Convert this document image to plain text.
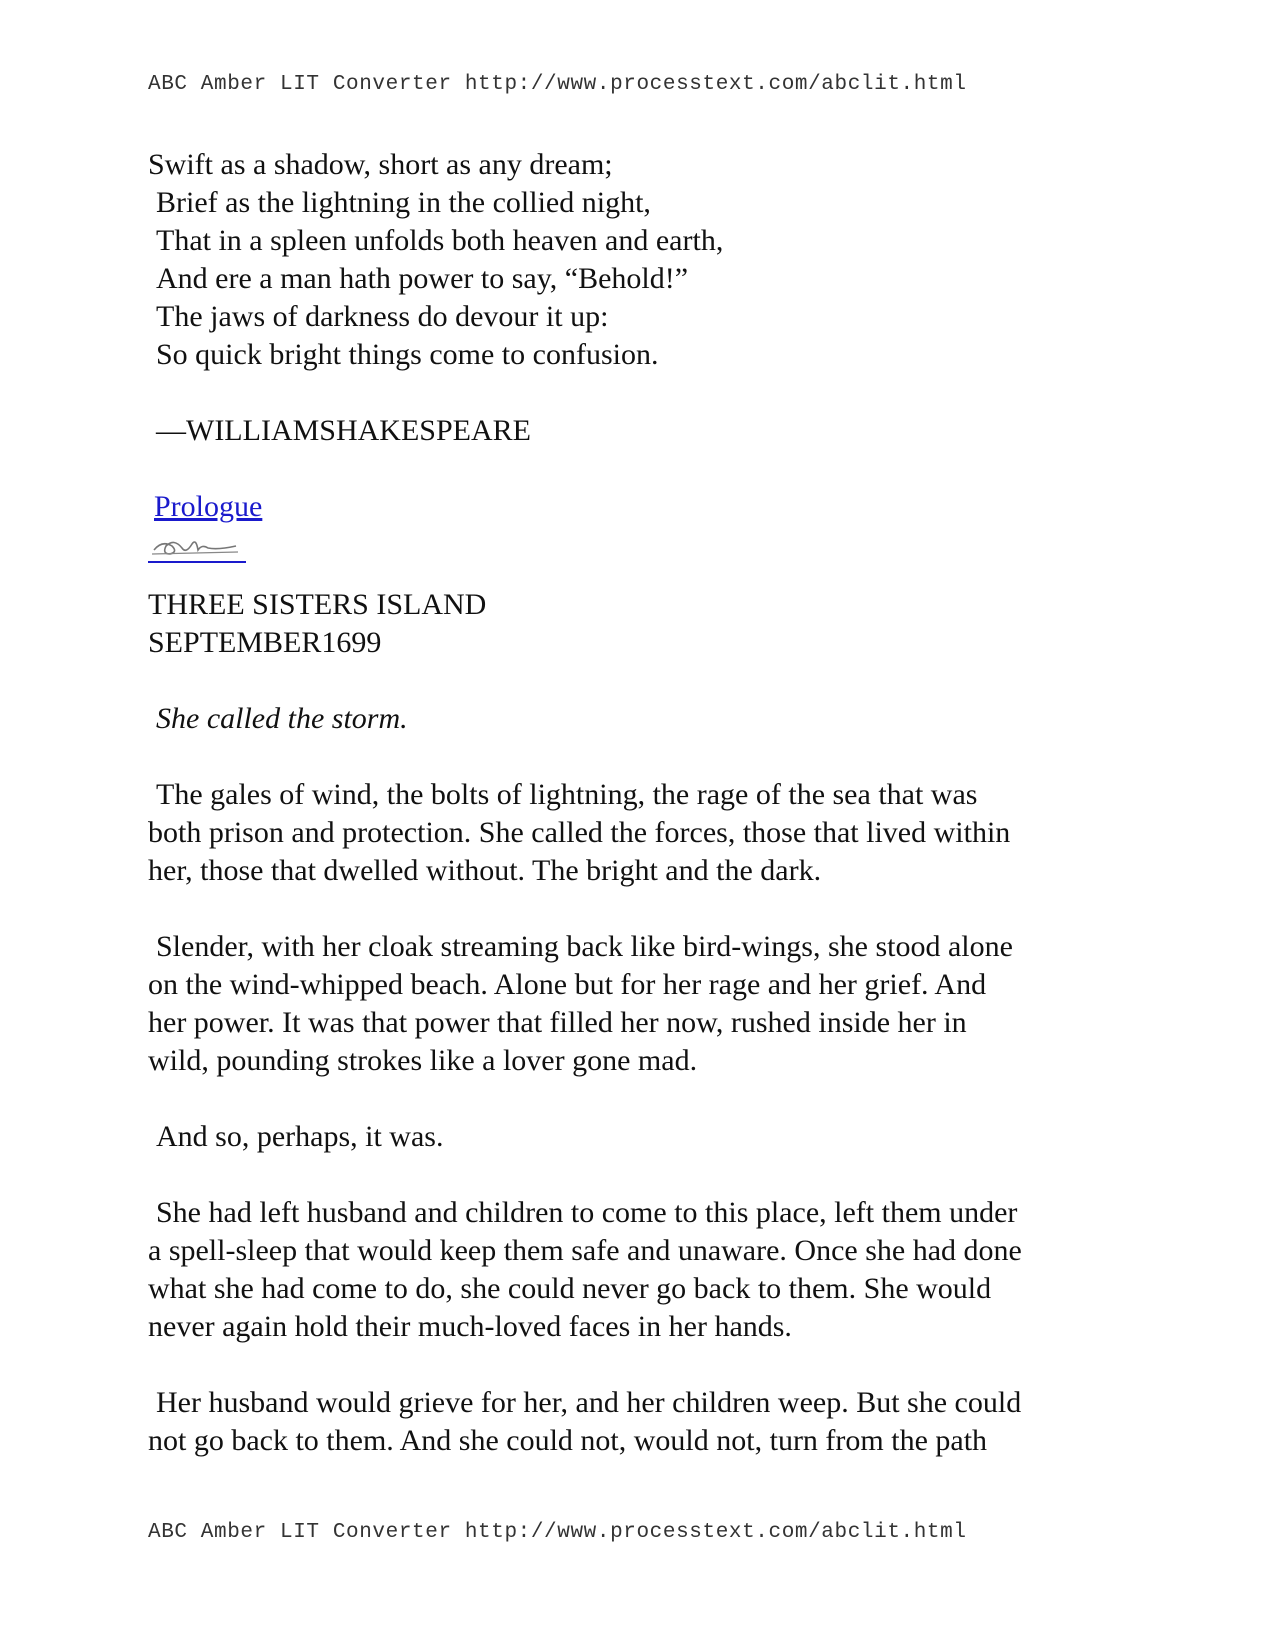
ABC Amber LIT Converter http://www.processtext.com/abclit.html

Swift as a shadow, short as any dream;

Brief as the lightning in the collied night,

That in a spleen unfolds both heaven and earth,

And ere a man hath power to say, “Behold!”

The jaws of darkness do devour it up:

So quick bright things come to confusion.

—WILLIAMSHAKESPEARE

Prologue

THREE SISTERS ISLAND

SEPTEMBER1699

She called the storm.

The gales of wind, the bolts of lightning, the rage of the sea that was

both prison and protection. She called the forces, those that lived within

her, those that dwelled without. The bright and the dark.

Slender, with her cloak streaming back like bird-wings, she stood alone

on the wind-whipped beach. Alone but for her rage and her grief. And

her power. It was that power that filled her now, rushed inside her in

wild, pounding strokes like a lover gone mad.

And so, perhaps, it was.

She had left husband and children to come to this place, left them under

a spell-sleep that would keep them safe and unaware. Once she had done

what she had come to do, she could never go back to them. She would

never again hold their much-loved faces in her hands.

Her husband would grieve for her, and her children weep. But she could

not go back to them. And she could not, would not, turn from the path

ABC Amber LIT Converter http://www.processtext.com/abclit.html
